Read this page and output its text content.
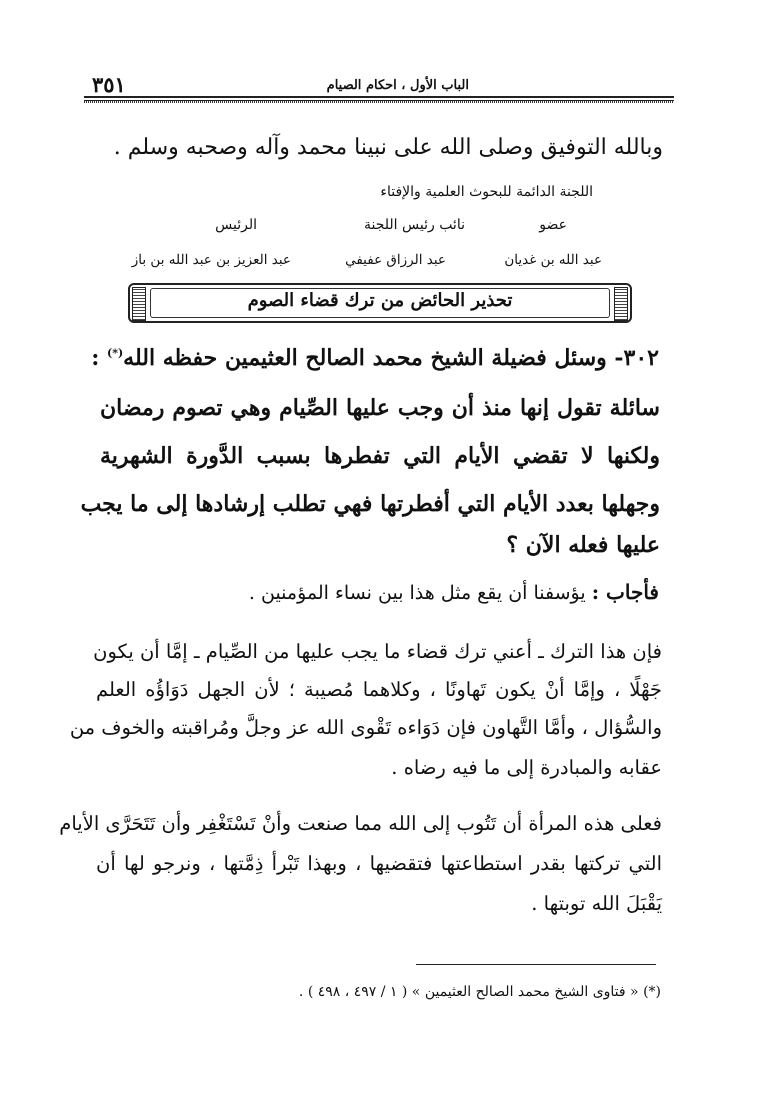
الباب الأول ، احكام الصيام
٣٥١
وبالله التوفيق وصلى الله على نبينا محمد وآله وصحبه وسلم .
اللجنة الدائمة للبحوث العلمية والإفتاء
الرئيس	نائب رئيس اللجنة	عضو
عبد العزيز بن عبد الله بن باز	عبد الرزاق عفيفي	عبد الله بن غديان
تحذير الحائض من ترك قضاء الصوم
٣٠٢- وسئل فضيلة الشيخ محمد الصالح العثيمين حفظه الله(*) :
سائلة تقول إنها منذ أن وجب عليها الصِّيام وهي تصوم رمضان
ولكنها لا تقضي الأيام التي تفطرها بسبب الدَّورة الشهرية
وجهلها بعدد الأيام التي أفطرتها فهي تطلب إرشادها إلى ما يجب
عليها فعله الآن ؟
فأجاب : يؤسفنا أن يقع مثل هذا بين نساء المؤمنين .
فإن هذا الترك ـ أعني ترك قضاء ما يجب عليها من الصِّيام ـ إمَّا أن يكون
جَهْلًا ، وإمَّا أنْ يكون تَهاونًا ، وكلاهما مُصيبة ؛ لأن الجهل دَوَاؤُه العلم
والسُّؤال ، وأمَّا التَّهاون فإن دَوَاءه تَقْوى الله عز وجلَّ ومُراقبته والخوف من
عقابه والمبادرة إلى ما فيه رضاه .
فعلى هذه المرأة أن تَتُوب إلى الله مما صنعت وأنْ تَسْتَغْفِر وأن تَتَحَرَّى الأيام
التي تركتها بقدر استطاعتها فتقضيها ، وبهذا تَبْرأ ذِمَّتها ، ونرجو لها أن
يَقْبَلَ الله توبتها .
(*) « فتاوى الشيخ محمد الصالح العثيمين » ( ١ / ٤٩٧ ، ٤٩٨ ) .
